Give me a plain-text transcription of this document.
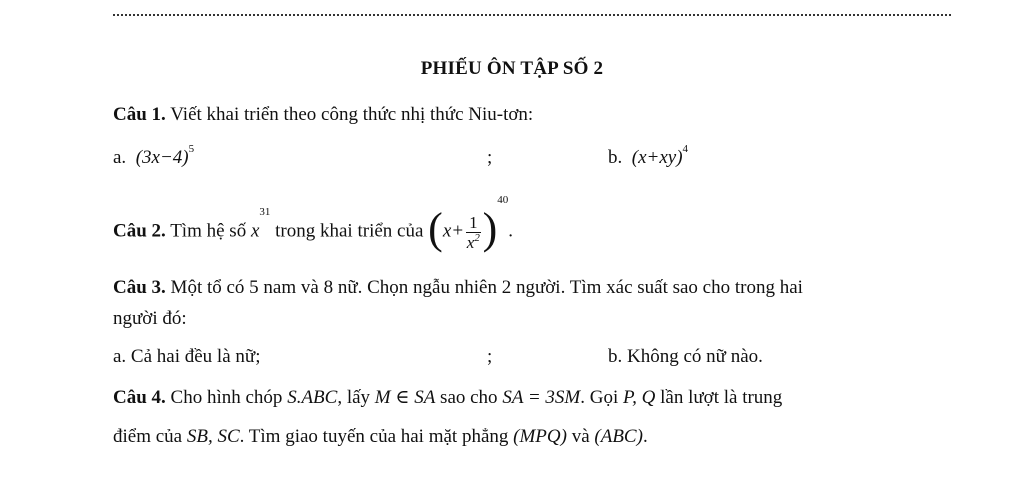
PHIẾU ÔN TẬP SỐ 2
Câu 1. Viết khai triển theo công thức nhị thức Niu-tơn:
a. $(3x-4)^5$	;	b. $(x+xy)^4$
Câu 2. Tìm hệ số $x^{31}$ trong khai triển của $(x+ \frac{1}{x^2} )^{40}$.
Câu 3. Một tổ có 5 nam và 8 nữ. Chọn ngẫu nhiên 2 người. Tìm xác suất sao cho trong hai
người đó:
a. Cả hai đều là nữ;	;	b. Không có nữ nào.
Câu 4. Cho hình chóp S.ABC, lấy M ∈ SA sao cho SA = 3SM. Gọi P, Q lần lượt là trung
điểm của SB, SC. Tìm giao tuyến của hai mặt phẳng (MPQ) và (ABC).
